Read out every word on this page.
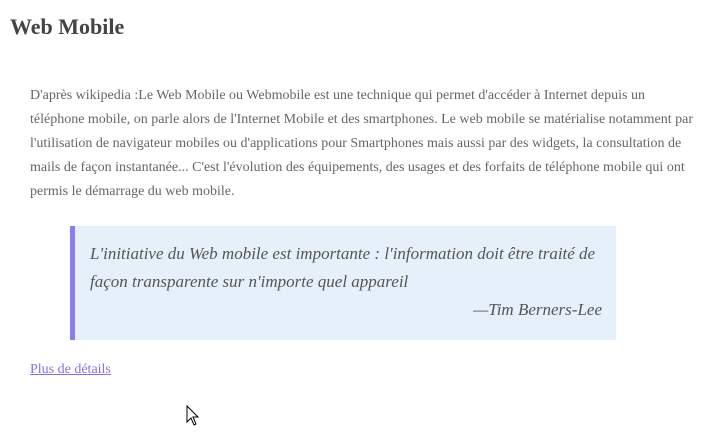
Web Mobile

D'après wikipedia :Le Web Mobile ou Webmobile est une technique qui permet d'accéder à Internet depuis un téléphone mobile, on parle alors de l'Internet Mobile et des smartphones. Le web mobile se matérialise notamment par l'utilisation de navigateur mobiles ou d'applications pour Smartphones mais aussi par des widgets, la consultation de mails de façon instantanée... C'est l'évolution des équipements, des usages et des forfaits de téléphone mobile qui ont permis le démarrage du web mobile.

L'initiative du Web mobile est importante : l'information doit être traité de façon transparente sur n'importe quel appareil

—Tim Berners-Lee
Plus de détails
